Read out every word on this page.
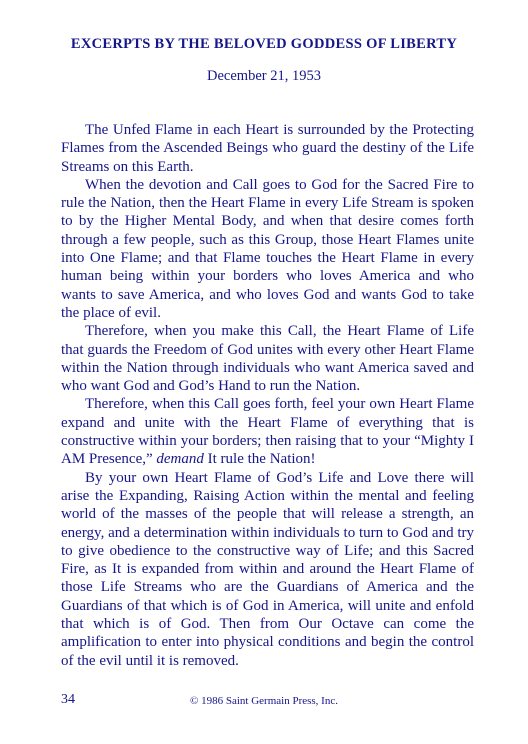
EXCERPTS BY THE BELOVED GODDESS OF LIBERTY
December 21, 1953

The Unfed Flame in each Heart is surrounded by the Protecting Flames from the Ascended Beings who guard the destiny of the Life Streams on this Earth.

When the devotion and Call goes to God for the Sacred Fire to rule the Nation, then the Heart Flame in every Life Stream is spoken to by the Higher Mental Body, and when that desire comes forth through a few people, such as this Group, those Heart Flames unite into One Flame; and that Flame touches the Heart Flame in every human being within your borders who loves America and who wants to save America, and who loves God and wants God to take the place of evil.

Therefore, when you make this Call, the Heart Flame of Life that guards the Freedom of God unites with every other Heart Flame within the Nation through individuals who want America saved and who want God and God’s Hand to run the Nation.

Therefore, when this Call goes forth, feel your own Heart Flame expand and unite with the Heart Flame of everything that is constructive within your borders; then raising that to your “Mighty I AM Presence,” demand It rule the Nation!

By your own Heart Flame of God’s Life and Love there will arise the Expanding, Raising Action within the mental and feeling world of the masses of the people that will release a strength, an energy, and a determination within individuals to turn to God and try to give obedience to the constructive way of Life; and this Sacred Fire, as It is expanded from within and around the Heart Flame of those Life Streams who are the Guardians of America and the Guardians of that which is of God in America, will unite and enfold that which is of God. Then from Our Octave can come the amplification to enter into physical conditions and begin the control of the evil until it is removed.

34	© 1986 Saint Germain Press, Inc.
